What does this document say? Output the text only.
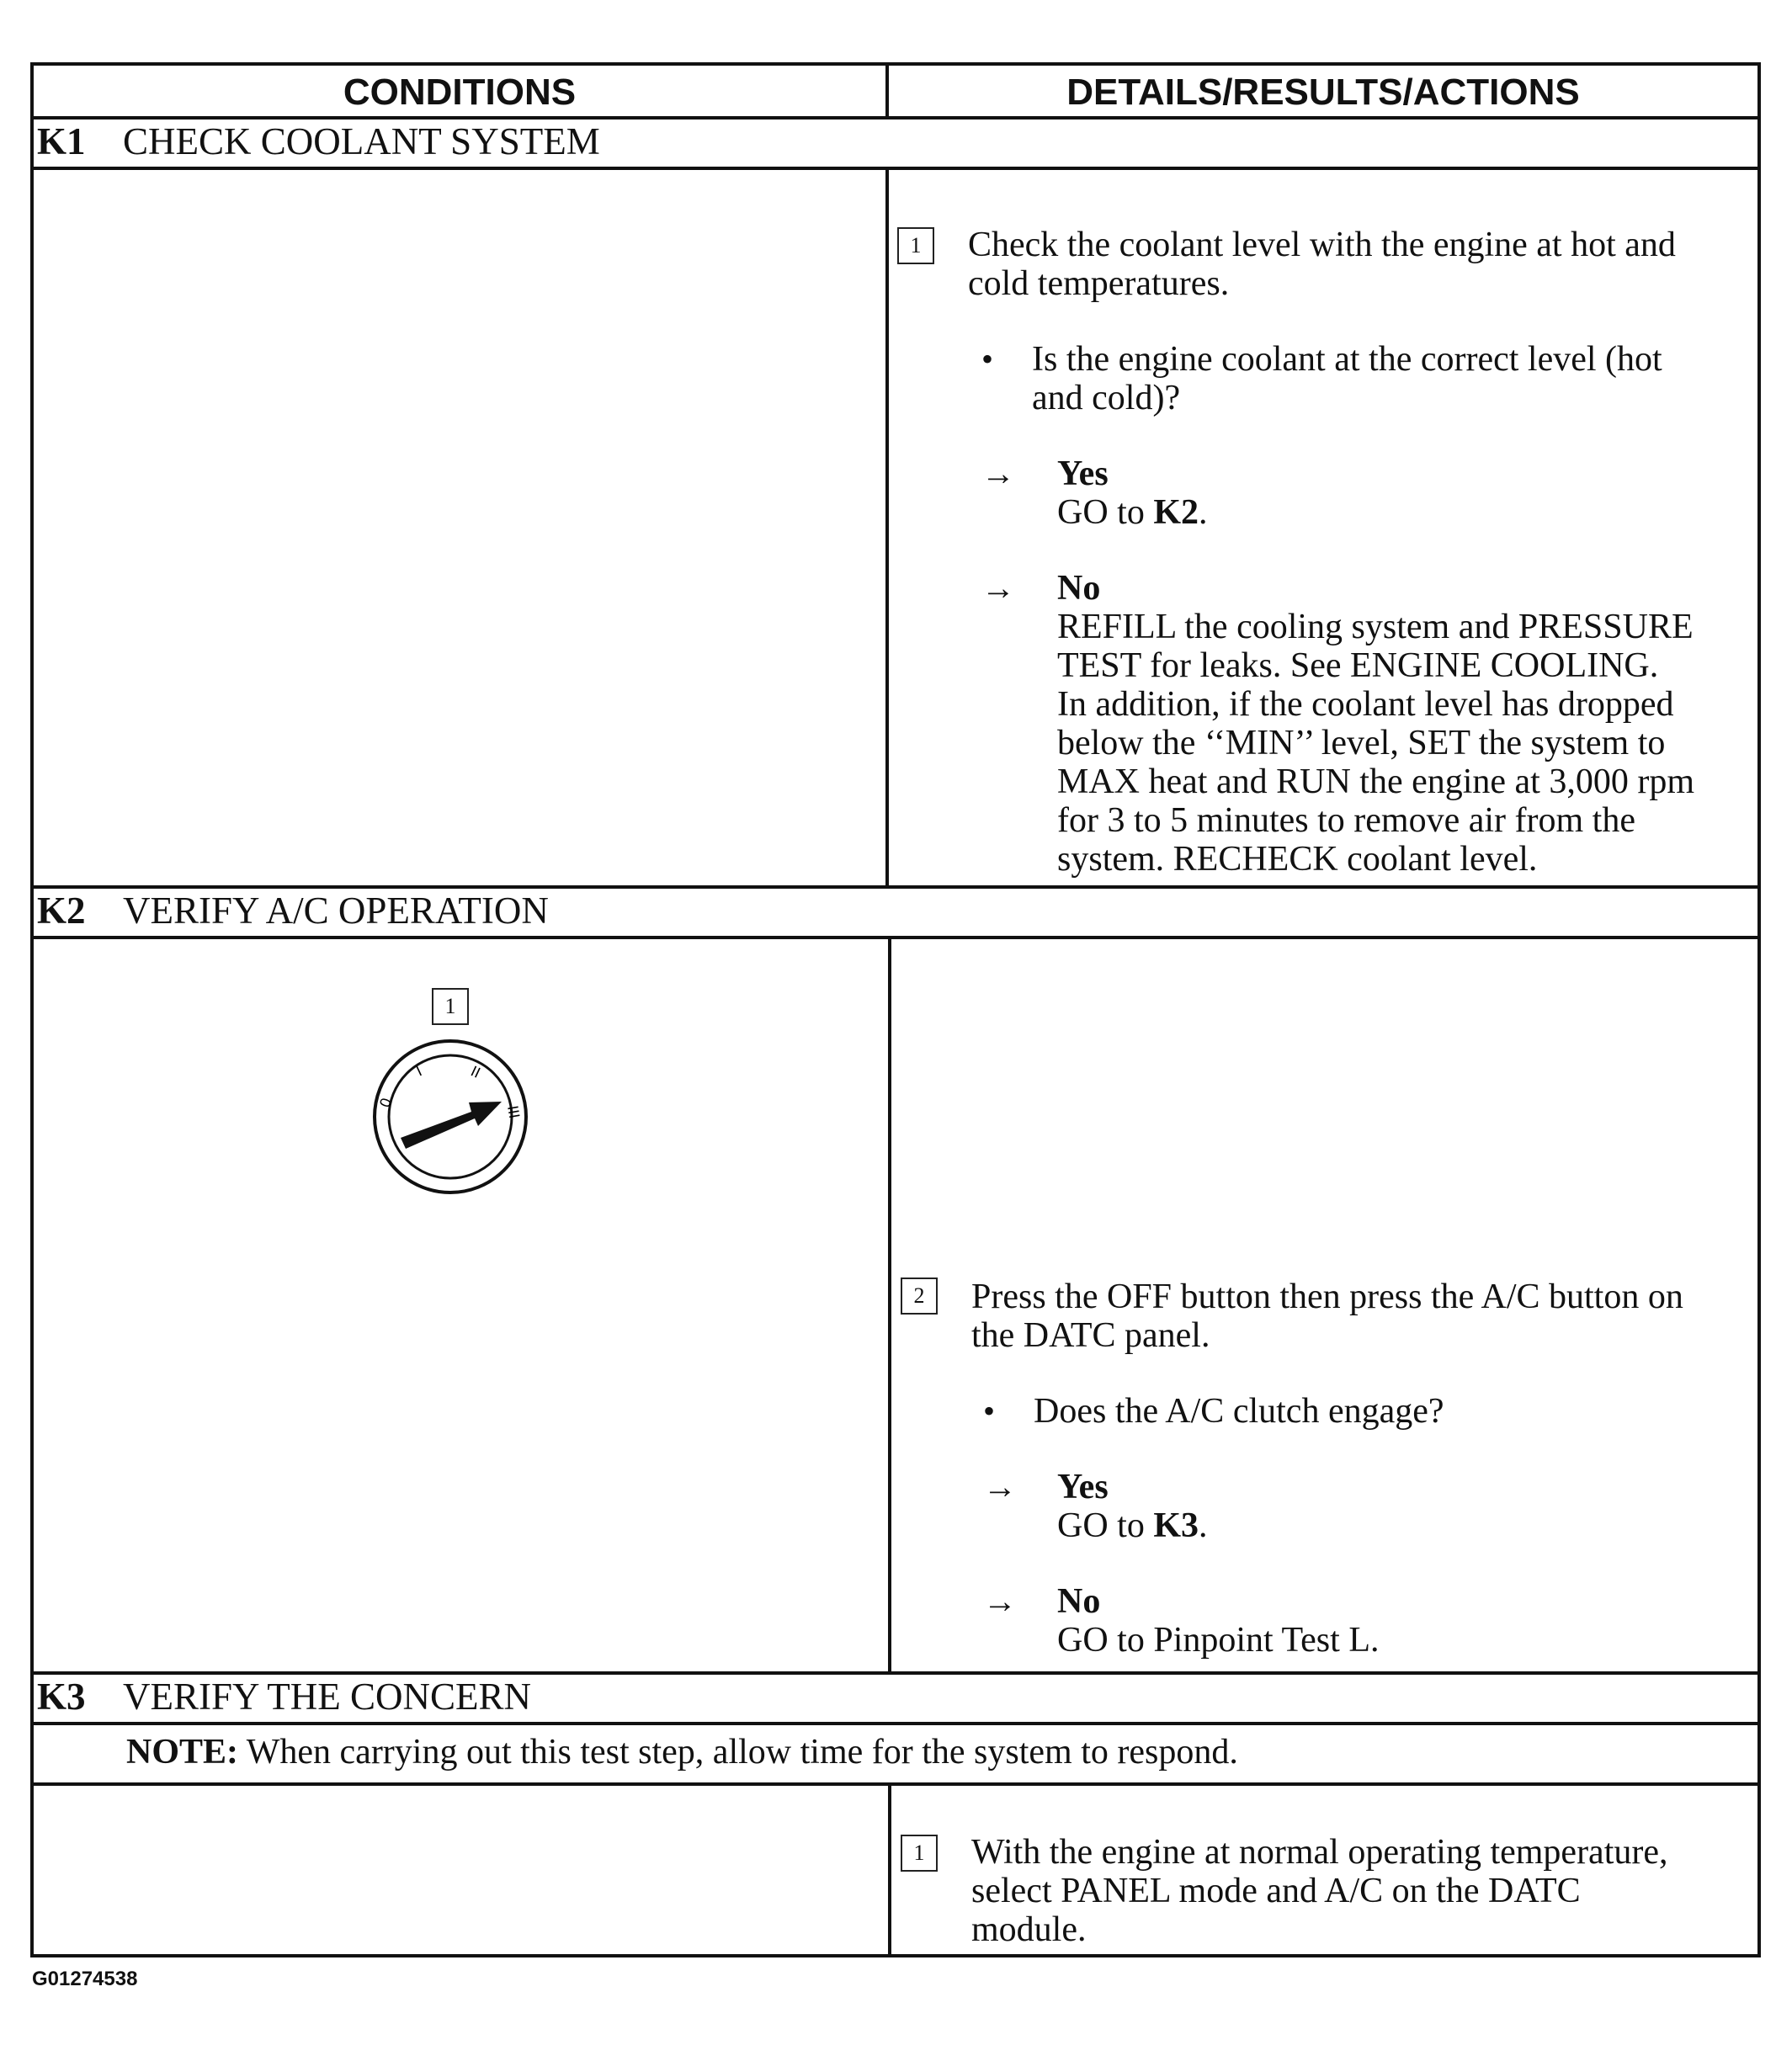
CONDITIONS	DETAILS/RESULTS/ACTIONS
K1 CHECK COOLANT SYSTEM
1	Check the coolant level with the engine at hot and
cold temperatures.
• Is the engine coolant at the correct level (hot
and cold)?
→ Yes
GO to K2.
→ No
REFILL the cooling system and PRESSURE
TEST for leaks. See ENGINE COOLING.
In addition, if the coolant level has dropped
below the ‘‘MIN’’ level, SET the system to
MAX heat and RUN the engine at 3,000 rpm
for 3 to 5 minutes to remove air from the
system. RECHECK coolant level.
K2 VERIFY A/C OPERATION
1
0
I	II
III
2	Press the OFF button then press the A/C button on
the DATC panel.
• Does the A/C clutch engage?
→ Yes
GO to K3.
→ No
GO to Pinpoint Test L.
K3 VERIFY THE CONCERN
NOTE: When carrying out this test step, allow time for the system to respond.
1	With the engine at normal operating temperature,
select PANEL mode and A/C on the DATC
module.
G01274538
